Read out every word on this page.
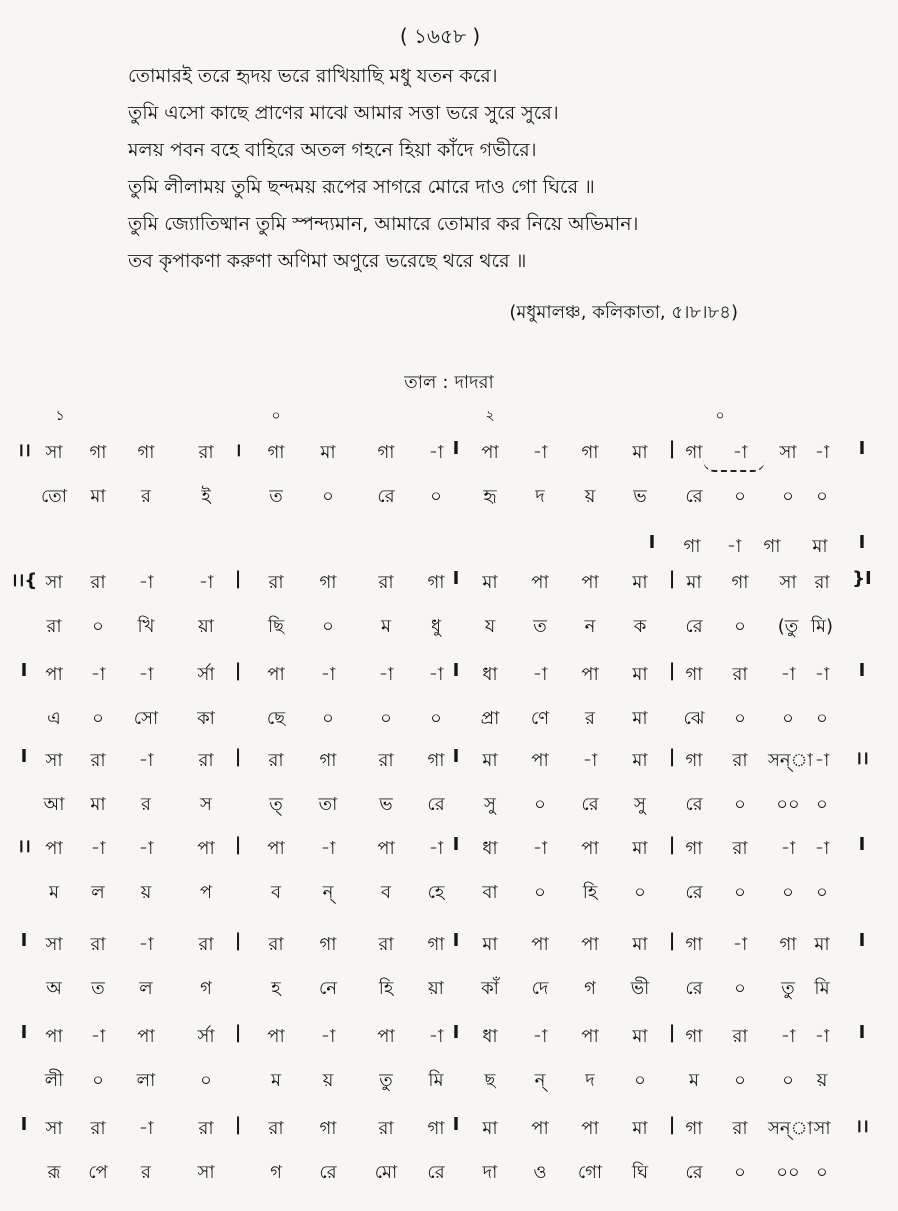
( ১৬৫৮ )
তোমারই তরে হৃদয় ভরে রাখিয়াছি মধু যতন করে।
তুমি এসো কাছে প্রাণের মাঝে আমার সত্তা ভরে সুরে সুরে।
মলয় পবন বহে বাহিরে অতল গহনে হিয়া কাঁদে গভীরে।
তুমি লীলাময় তুমি ছন্দময় রূপের সাগরে মোরে দাও গো ঘিরে ॥
তুমি জ্যোতিষ্মান তুমি স্পন্দ্যমান, আমারে তোমার কর নিয়ে অভিমান।
তব কৃপাকণা করুণা অণিমা অণুরে ভরেছে থরে থরে ॥
(মধুমালঞ্চ, কলিকাতা, ৫।৮।৮৪)
তাল : দাদরা
১	০	২	০
।। সা	গা	গা	রা	।	গা	মা	গা	-া I	পা	-া	গা	মা	| গা	-া	সা	-া	I
তো	মা	র	ই	ত	০	রে	০	হৃ	দ	য়	ভ	রে	০	০	০
I	গা	-া	গা	মা	I
।।{ সা	রা	-া	-া	|	রা	গা	রা	গা I	মা	পা	পা	মা	| মা	গা	সা রা	}I
রা	০	খি	য়া	ছি	০	ম	ধু	য	ত	ন	ক	রে	০	(তু মি)
I পা	-া	-া	র্সা	|	পা	-া	-া	-া I	ধা	-া	পা	মা	| গা	রা	-া	-া	I
এ	০	সো	কা	ছে	০	০	০	প্রা	ণে	র	মা	ঝে	০	০	০
I	সা	রা	-া	রা	|	রা	গা	রা	গা I	মা	পা	-া	মা	| গা	রা	সন্া -া	।।
আ	মা	র	স	ত্	তা	ভ	রে	সু	০	রে	সু	রে	০	০০ ০
।। পা	-া	-া	পা	|	পা	-া	পা	-া I	ধা	-া	পা	মা	| গা	রা	-া	-া	I
ম	ল	য়	প	ব	ন্	ব	হে	বা	০	হি	০	রে	০	০	০
I	সা	রা	-া	রা	|	রা	গা	রা	গা I	মা	পা	পা	মা	| গা	-া	গা মা	I
অ	ত	ল	গ	হ	নে	হি	য়া	কাঁ	দে	গ	ভী	রে	০	তু	মি
I পা	-া	পা	র্সা	|	পা	-া	পা	-া I	ধা	-া	পা	মা	| গা	রা	-া	-া	I
লী	০	লা	০	ম	য়	তু	মি	ছ	ন্	দ	০	ম	০	০	য়
I	সা	রা	-া	রা	|	রা	গা	রা	গা I	মা	পা	পা	মা	| গা	রা	সন্া সা	।।
রূ	পে	র	সা	গ	রে	মো	রে	দা	ও	গো	ঘি	রে	০	০০ ০
